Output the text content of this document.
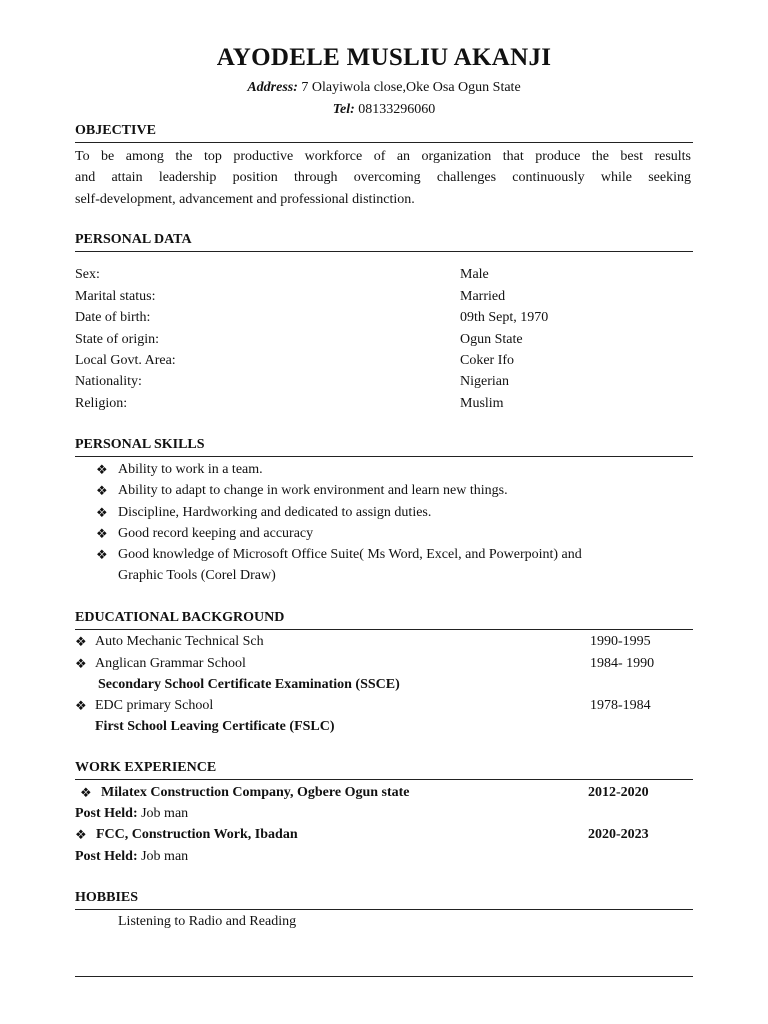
AYODELE MUSLIU AKANJI
Address: 7 Olayiwola close,Oke Osa Ogun State
Tel: 08133296060
OBJECTIVE
To be among the top productive workforce of an organization that produce the best results
and attain leadership position through overcoming challenges continuously while seeking
self-development, advancement and professional distinction.
PERSONAL DATA
Sex:	Male
Marital status:	Married
Date of birth:	09th Sept, 1970
State of origin:	Ogun State
Local Govt. Area:	Coker Ifo
Nationality:	Nigerian
Religion:	Muslim
PERSONAL SKILLS
❖ Ability to work in a team.
❖ Ability to adapt to change in work environment and learn new things.
❖ Discipline, Hardworking and dedicated to assign duties.
❖ Good record keeping and accuracy
❖ Good knowledge of Microsoft Office Suite( Ms Word, Excel, and Powerpoint) and
Graphic Tools (Corel Draw)
EDUCATIONAL BACKGROUND
❖ Auto Mechanic Technical Sch	1990-1995
❖ Anglican Grammar School	1984- 1990
Secondary School Certificate Examination (SSCE)
❖ EDC primary School	1978-1984
First School Leaving Certificate (FSLC)
WORK EXPERIENCE
❖ Milatex Construction Company, Ogbere Ogun state	2012-2020
Post Held: Job man
❖ FCC, Construction Work, Ibadan	2020-2023
Post Held: Job man
HOBBIES
Listening to Radio and Reading
